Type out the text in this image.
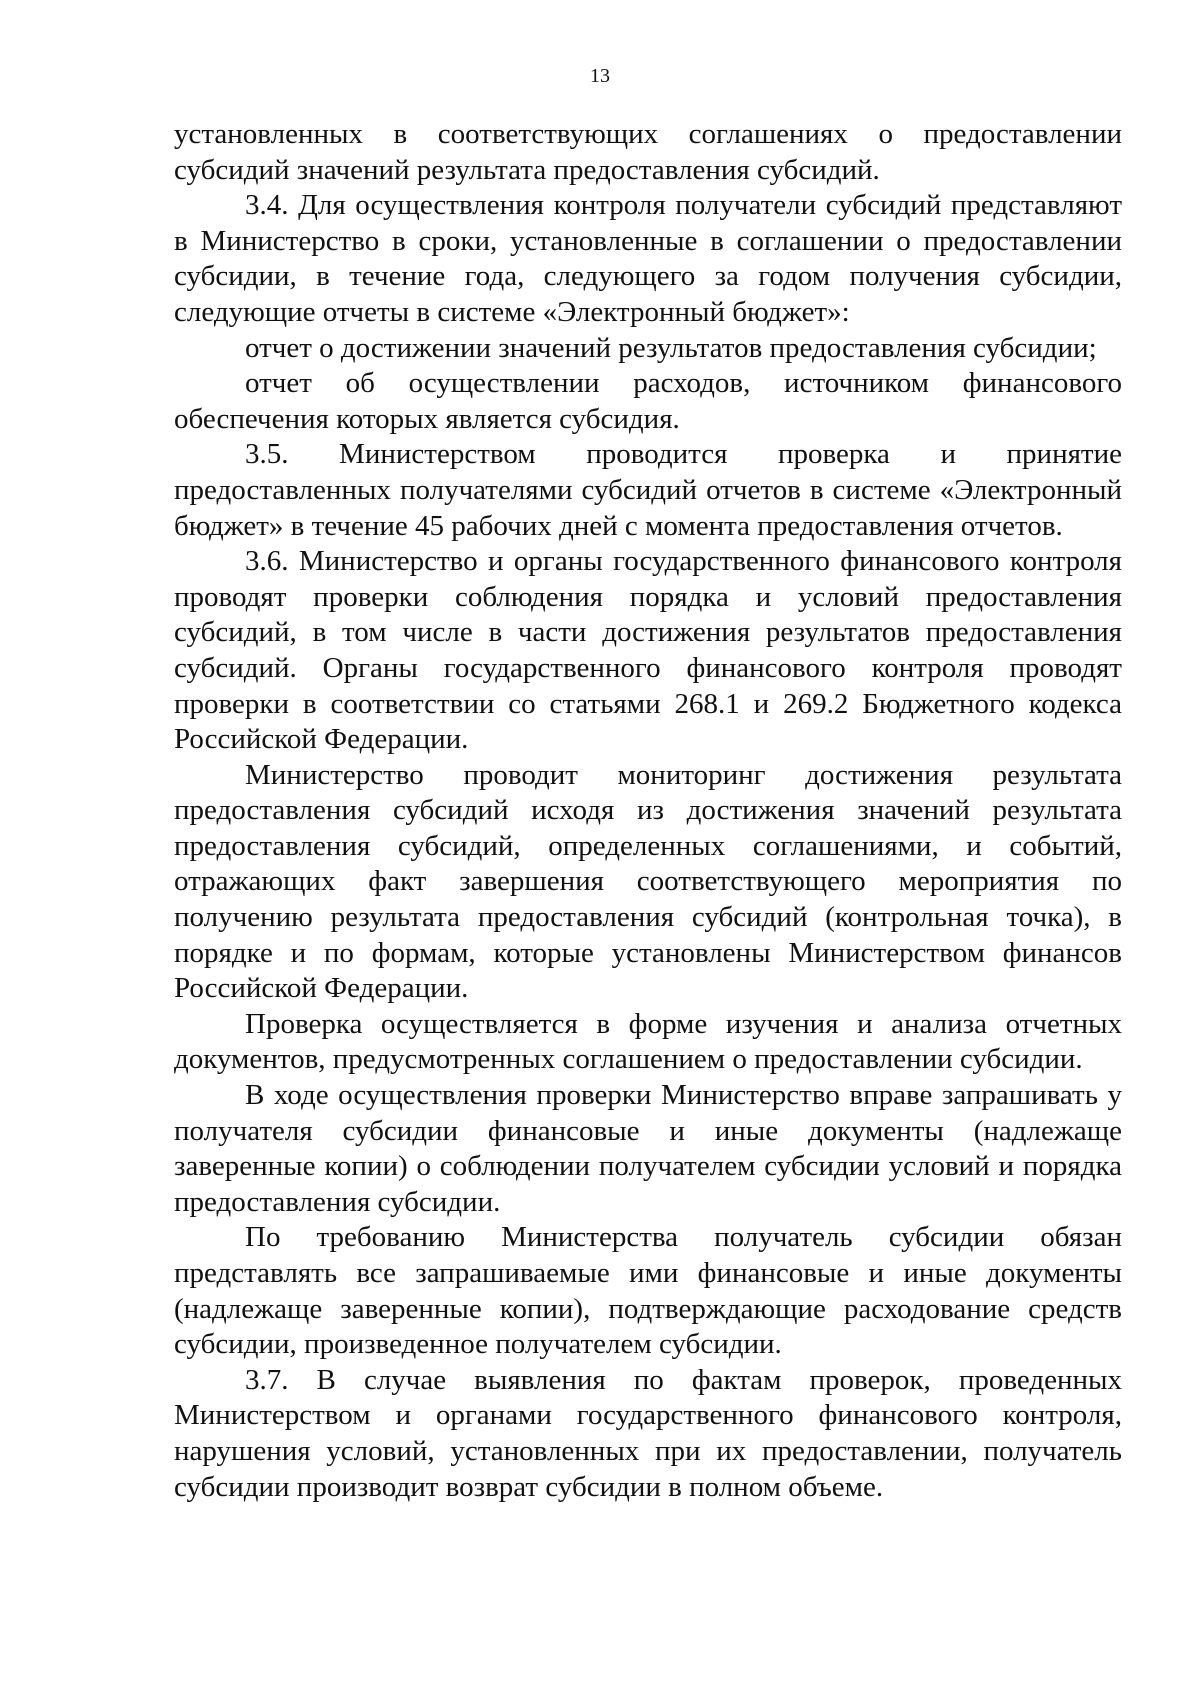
13

установленных в соответствующих соглашениях о предоставлении субсидий значений результата предоставления субсидий.

3.4. Для осуществления контроля получатели субсидий представляют в Министерство в сроки, установленные в соглашении о предоставлении субсидии, в течение года, следующего за годом получения субсидии, следующие отчеты в системе «Электронный бюджет»:

отчет о достижении значений результатов предоставления субсидии;

отчет об осуществлении расходов, источником финансового обеспечения которых является субсидия.

3.5. Министерством проводится проверка и принятие предоставленных получателями субсидий отчетов в системе «Электронный бюджет» в течение 45 рабочих дней с момента предоставления отчетов.

3.6. Министерство и органы государственного финансового контроля проводят проверки соблюдения порядка и условий предоставления субсидий, в том числе в части достижения результатов предоставления субсидий. Органы государственного финансового контроля проводят проверки в соответствии со статьями 268.1 и 269.2 Бюджетного кодекса Российской Федерации.

Министерство проводит мониторинг достижения результата предоставления субсидий исходя из достижения значений результата предоставления субсидий, определенных соглашениями, и событий, отражающих факт завершения соответствующего мероприятия по получению результата предоставления субсидий (контрольная точка), в порядке и по формам, которые установлены Министерством финансов Российской Федерации.

Проверка осуществляется в форме изучения и анализа отчетных документов, предусмотренных соглашением о предоставлении субсидии.

В ходе осуществления проверки Министерство вправе запрашивать у получателя субсидии финансовые и иные документы (надлежаще заверенные копии) о соблюдении получателем субсидии условий и порядка предоставления субсидии.

По требованию Министерства получатель субсидии обязан представлять все запрашиваемые ими финансовые и иные документы (надлежаще заверенные копии), подтверждающие расходование средств субсидии, произведенное получателем субсидии.

3.7. В случае выявления по фактам проверок, проведенных Министерством и органами государственного финансового контроля, нарушения условий, установленных при их предоставлении, получатель субсидии производит возврат субсидии в полном объеме.
